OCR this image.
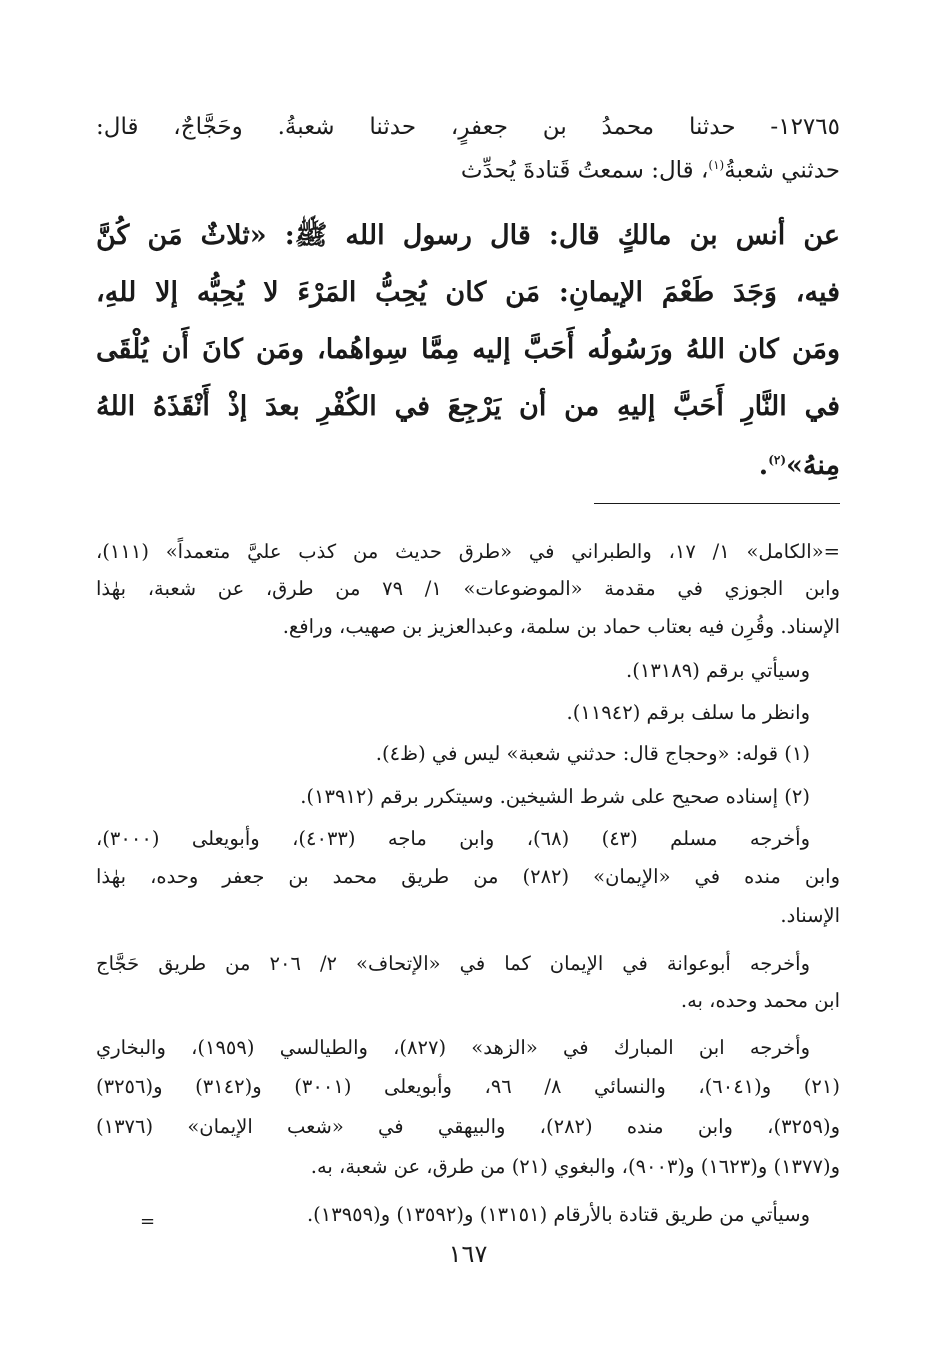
١٢٧٦٥- حدثنا محمدُ بن جعفرٍ، حدثنا شعبةُ. وحَجَّاجٌ، قال:
حدثني شعبةُ$^{(١)}$، قال: سمعتُ قَتادةَ يُحدِّث
عن أنس بن مالكٍ قال: قال رسول الله ﷺ: «ثلاثٌ مَن كُنَّ
فيه، وَجَدَ طَعْمَ الإيمانِ: مَن كان يُحِبُّ المَرْءَ لا يُحِبُّه إلا للهِ،
ومَن كان اللهُ ورَسُولُه أَحَبَّ إليه مِمَّا سِواهُما، ومَن كانَ أَن يُلْقَى
في النَّارِ أَحَبَّ إليهِ من أن يَرْجِعَ في الكُفْرِ بعدَ إذْ أَنْقَذَهُ اللهُ
مِنهُ»$^{(٢)}$.
=«الكامل» ١/ ١٧، والطبراني في «طرق حديث من كذب عليَّ متعمداً» (١١١)،
وابن الجوزي في مقدمة «الموضوعات» ١/ ٧٩ من طرق، عن شعبة، بهٰذا
الإسناد. وقُرِن فيه بعتاب حماد بن سلمة، وعبدالعزيز بن صهيب، ورافع.
وسيأتي برقم (١٣١٨٩).
وانظر ما سلف برقم (١١٩٤٢).
(١) قوله: «وحجاج قال: حدثني شعبة» ليس في (ظ٤).
(٢) إسناده صحيح على شرط الشيخين. وسيتكرر برقم (١٣٩١٢).
وأخرجه مسلم (٤٣) (٦٨)، وابن ماجه (٤٠٣٣)، وأبويعلى (٣٠٠٠)،
وابن منده في «الإيمان» (٢٨٢) من طريق محمد بن جعفر وحده، بهٰذا
الإسناد.
وأخرجه أبوعوانة في الإيمان كما في «الإتحاف» ٢/ ٢٠٦ من طريق حَجَّاج
ابن محمد وحده، به.
وأخرجه ابن المبارك في «الزهد» (٨٢٧)، والطيالسي (١٩٥٩)، والبخاري
(٢١) و(٦٠٤١)، والنسائي ٨/ ٩٦، وأبويعلى (٣٠٠١) و(٣١٤٢) و(٣٢٥٦)
و(٣٢٥٩)، وابن منده (٢٨٢)، والبيهقي في «شعب الإيمان» (١٣٧٦)
و(١٣٧٧) و(١٦٢٣) و(٩٠٠٣)، والبغوي (٢١) من طرق، عن شعبة، به.
وسيأتي من طريق قتادة بالأرقام (١٣١٥١) و(١٣٥٩٢) و(١٣٩٥٩).
=
١٦٧
